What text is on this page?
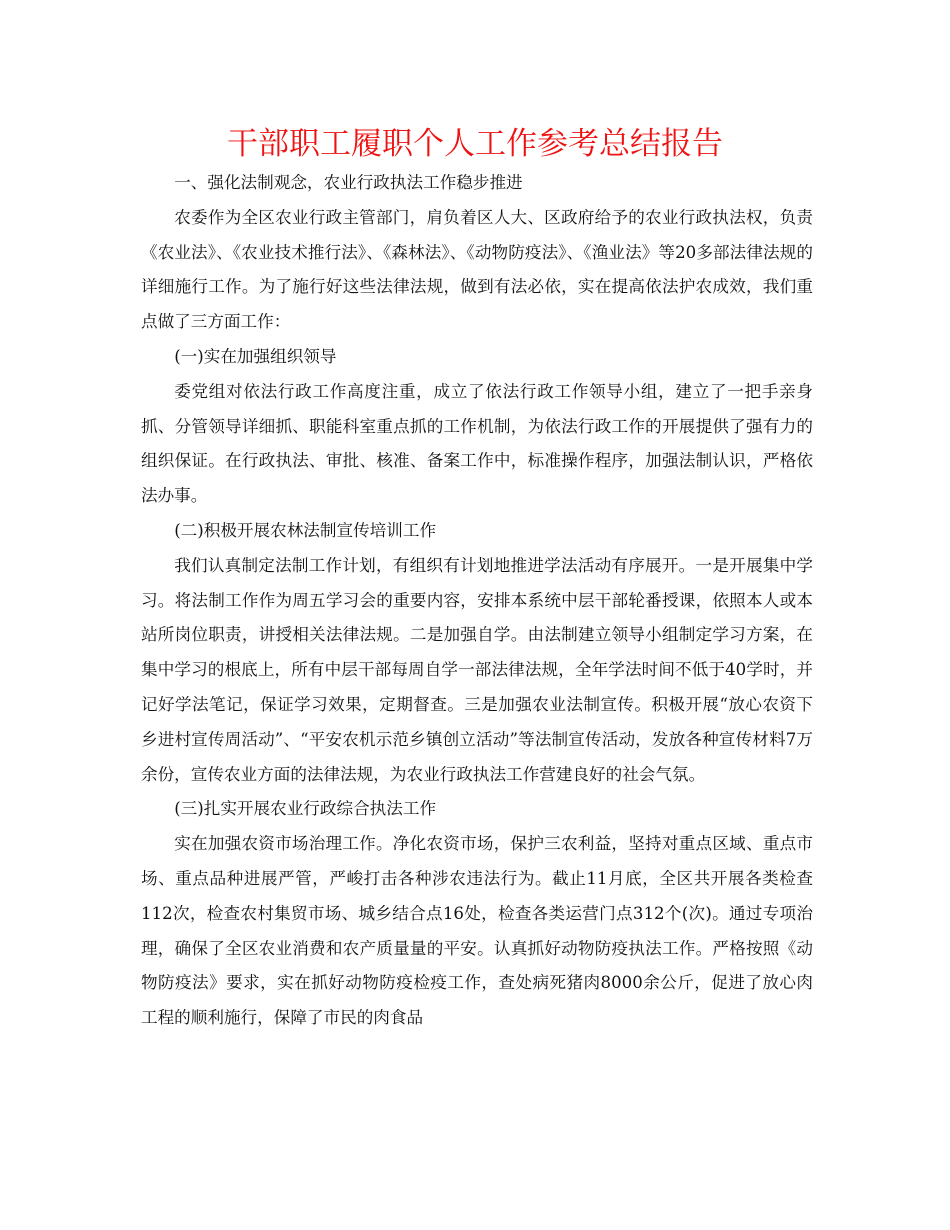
干部职工履职个人工作参考总结报告

一、强化法制观念，农业行政执法工作稳步推进

农委作为全区农业行政主管部门，肩负着区人大、区政府给予的农业行政执法权，负责《农业法》、《农业技术推行法》、《森林法》、《动物防疫法》、《渔业法》等20多部法律法规的详细施行工作。为了施行好这些法律法规，做到有法必依，实在提高依法护农成效，我们重点做了三方面工作：

(一)实在加强组织领导

委党组对依法行政工作高度注重，成立了依法行政工作领导小组，建立了一把手亲身抓、分管领导详细抓、职能科室重点抓的工作机制，为依法行政工作的开展提供了强有力的组织保证。在行政执法、审批、核准、备案工作中，标准操作程序，加强法制认识，严格依法办事。

(二)积极开展农林法制宣传培训工作

我们认真制定法制工作计划，有组织有计划地推进学法活动有序展开。一是开展集中学习。将法制工作作为周五学习会的重要内容，安排本系统中层干部轮番授课，依照本人或本站所岗位职责，讲授相关法律法规。二是加强自学。由法制建立领导小组制定学习方案，在集中学习的根底上，所有中层干部每周自学一部法律法规，全年学法时间不低于40学时，并记好学法笔记，保证学习效果，定期督查。三是加强农业法制宣传。积极开展“放心农资下乡进村宣传周活动”、“平安农机示范乡镇创立活动”等法制宣传活动，发放各种宣传材料7万余份，宣传农业方面的法律法规，为农业行政执法工作营建良好的社会气氛。

(三)扎实开展农业行政综合执法工作

实在加强农资市场治理工作。净化农资市场，保护三农利益，坚持对重点区域、重点市场、重点品种进展严管，严峻打击各种涉农违法行为。截止11月底，全区共开展各类检查112次，检查农村集贸市场、城乡结合点16处，检查各类运营门点312个(次)。通过专项治理，确保了全区农业消费和农产质量量的平安。认真抓好动物防疫执法工作。严格按照《动物防疫法》要求，实在抓好动物防疫检疫工作，查处病死猪肉8000余公斤，促进了放心肉工程的顺利施行，保障了市民的肉食品
